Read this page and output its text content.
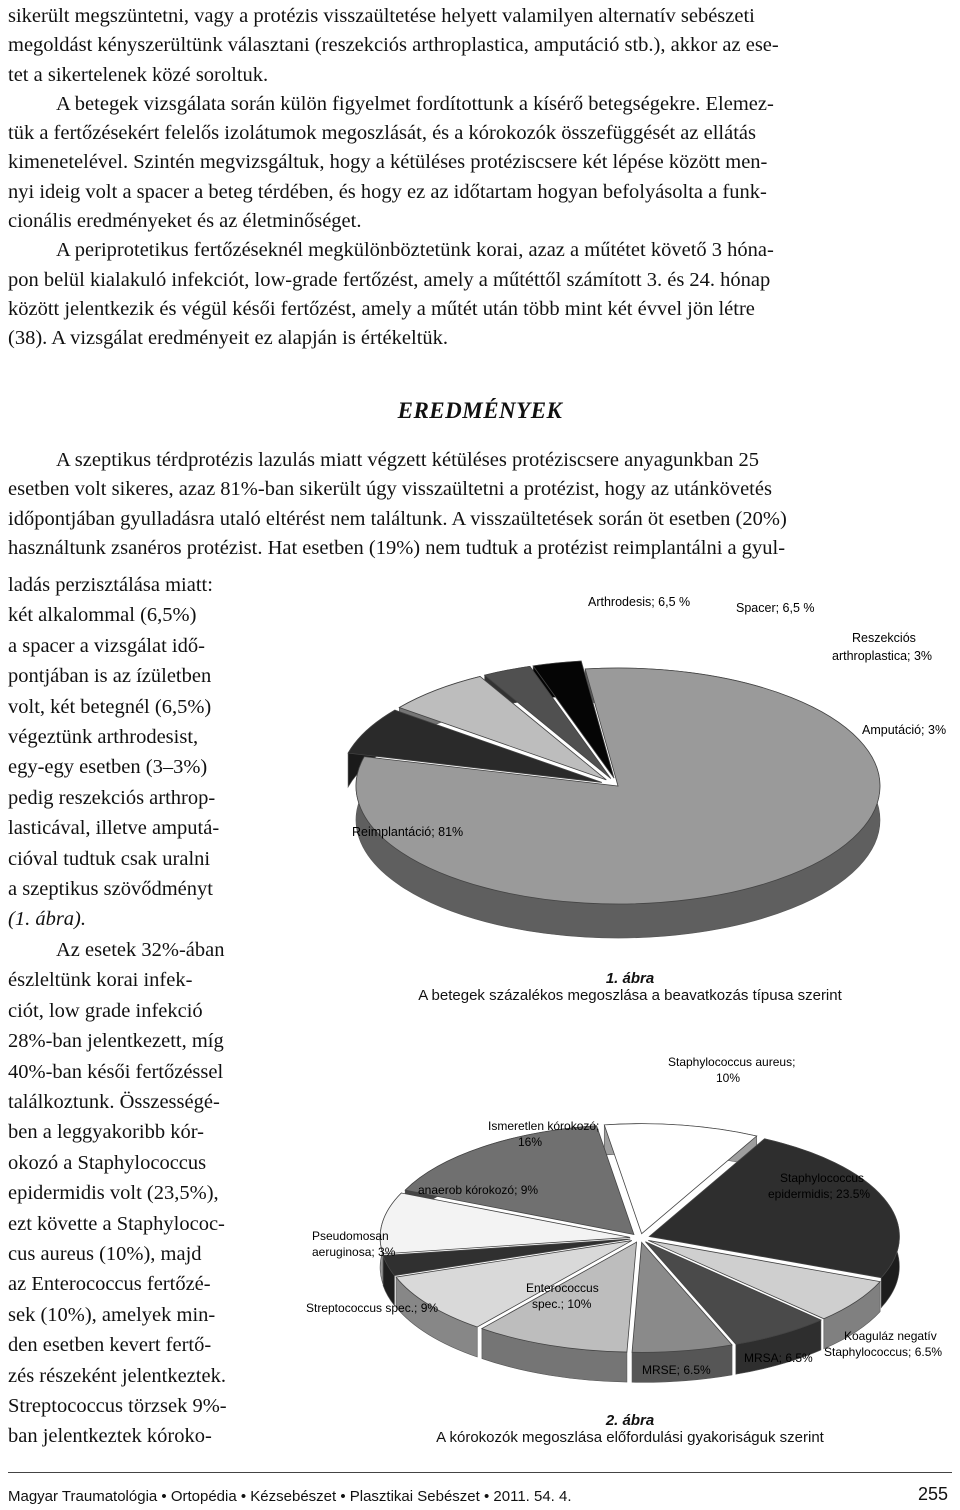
sikerült megszüntetni, vagy a protézis visszaültetése helyett valamilyen alternatív sebészeti
megoldást kényszerültünk választani (reszekciós arthroplastica, amputáció stb.), akkor az ese-
tet a sikertelenek közé soroltuk.
A betegek vizsgálata során külön figyelmet fordítottunk a kísérő betegségekre. Elemez-
tük a fertőzésekért felelős izolátumok megoszlását, és a kórokozók összefüggését az ellátás
kimenetelével. Szintén megvizsgáltuk, hogy a kétüléses protéziscsere két lépése között men-
nyi ideig volt a spacer a beteg térdében, és hogy ez az időtartam hogyan befolyásolta a funk-
cionális eredményeket és az életminőséget.
A periprotetikus fertőzéseknél megkülönböztetünk korai, azaz a műtétet követő 3 hóna-
pon belül kialakuló infekciót, low-grade fertőzést, amely a műtéttől számított 3. és 24. hónap
között jelentkezik és végül késői fertőzést, amely a műtét után több mint két évvel jön létre
(38). A vizsgálat eredményeit ez alapján is értékeltük.
EREDMÉNYEK
A szeptikus térdprotézis lazulás miatt végzett kétüléses protéziscsere anyagunkban 25
esetben volt sikeres, azaz 81%-ban sikerült úgy visszaültetni a protézist, hogy az utánkövetés
időpontjában gyulladásra utaló eltérést nem találtunk. A visszaültetések során öt esetben (20%)
használtunk zsanéros protézist. Hat esetben (19%) nem tudtuk a protézist reimplantálni a gyul-
ladás perzisztálása miatt:
két alkalommal (6,5%)
a spacer a vizsgálat idő-
pontjában is az ízületben
volt, két betegnél (6,5%)
végeztünk arthrodesist,
egy-egy esetben (3–3%)
pedig reszekciós arthrop-
lasticával, illetve amputá-
cióval tudtuk csak uralni
a szeptikus szövődményt
(1. ábra).
Az esetek 32%-ában
észleltünk korai infek-
ciót, low grade infekció
28%-ban jelentkezett, míg
40%-ban késői fertőzéssel
találkoztunk. Összességé-
ben a leggyakoribb kór-
okozó a Staphylococcus
epidermidis volt (23,5%),
ezt követte a Staphylococ-
cus aureus (10%), majd
az Enterococcus fertőzé-
sek (10%), amelyek min-
den esetben kevert fertő-
zés részeként jelentkeztek.
Streptococcus törzsek 9%-
ban jelentkeztek kóroko-
Arthrodesis; 6,5 %	Spacer; 6,5 %
Reszekciós
arthroplastica; 3%
Amputáció; 3%
Reimplantáció; 81%
1. ábra
A betegek százalékos megoszlása a beavatkozás típusa szerint
Staphylococcus aureus;
10%
Ismeretlen kórokozó;
16%
anaerob kórokozó; 9%
Staphylococcus
epidermidis; 23.5%
Pseudomosan
aeruginosa; 3%
Enterococcus
spec.; 10%
Streptococcus spec.; 9%
Koaguláz negatív
Staphylococcus; 6.5%
MRSA; 6.5%
MRSE; 6.5%
2. ábra
A kórokozók megoszlása előfordulási gyakoriságuk szerint
Magyar Traumatológia • Ortopédia • Kézsebészet • Plasztikai Sebészet • 2011. 54. 4.	255
